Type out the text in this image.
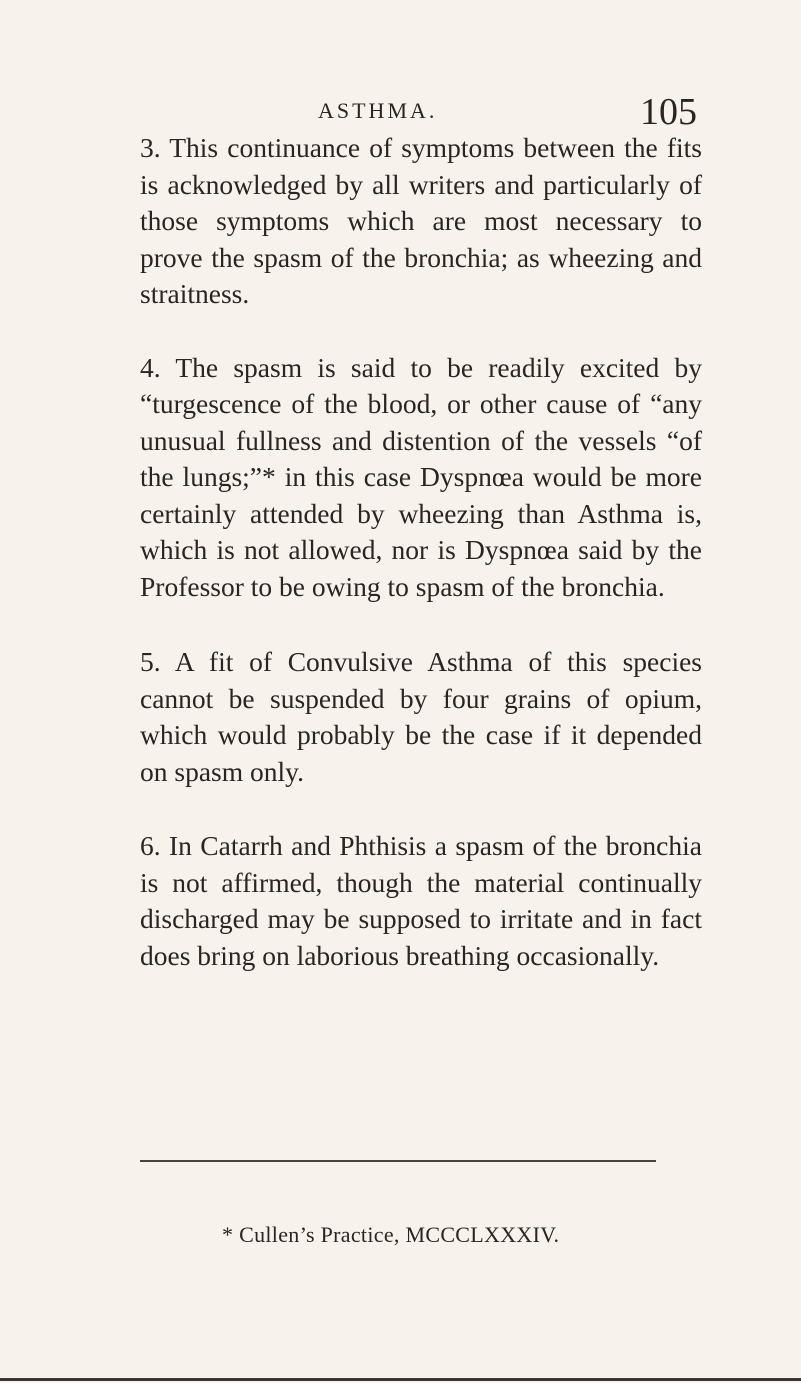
ASTHMA.	105

3. This continuance of symptoms between the fits is acknowledged by all writers and particularly of those symptoms which are most necessary to prove the spasm of the bronchia; as wheezing and straitness.

4. The spasm is said to be readily excited by “turgescence of the blood, or other cause of “any unusual fullness and distention of the vessels “of the lungs;”* in this case Dyspnœa would be more certainly attended by wheezing than Asthma is, which is not allowed, nor is Dyspnœa said by the Professor to be owing to spasm of the bronchia.

5. A fit of Convulsive Asthma of this species cannot be suspended by four grains of opium, which would probably be the case if it depended on spasm only.

6. In Catarrh and Phthisis a spasm of the bronchia is not affirmed, though the material continually discharged may be supposed to irritate and in fact does bring on laborious breathing occasionally.

* Cullen’s Practice, MCCCLXXXIV.
